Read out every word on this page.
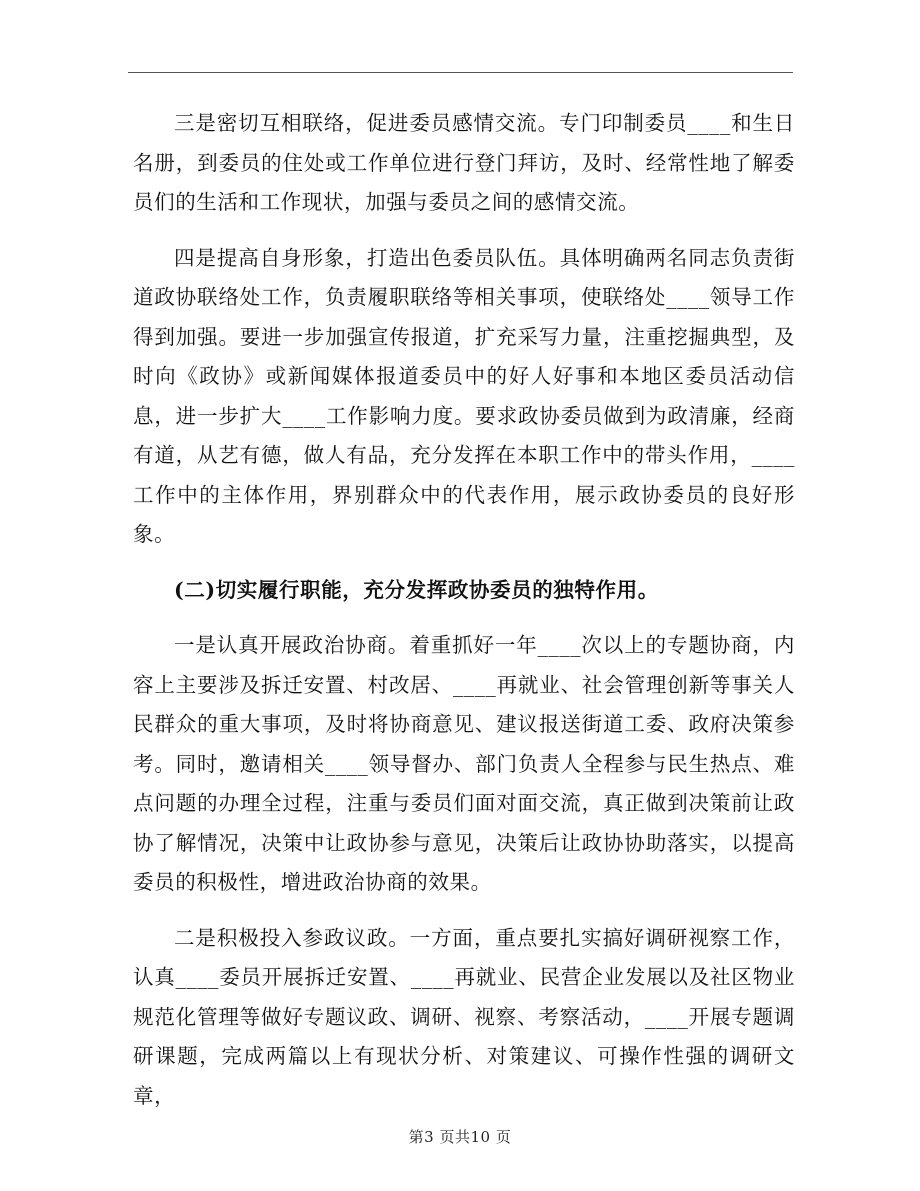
三是密切互相联络，促进委员感情交流。专门印制委员____和生日名册，到委员的住处或工作单位进行登门拜访，及时、经常性地了解委员们的生活和工作现状，加强与委员之间的感情交流。

四是提高自身形象，打造出色委员队伍。具体明确两名同志负责街道政协联络处工作，负责履职联络等相关事项，使联络处____领导工作得到加强。要进一步加强宣传报道，扩充采写力量，注重挖掘典型，及时向《政协》或新闻媒体报道委员中的好人好事和本地区委员活动信息，进一步扩大____工作影响力度。要求政协委员做到为政清廉，经商有道，从艺有德，做人有品，充分发挥在本职工作中的带头作用，____工作中的主体作用，界别群众中的代表作用，展示政协委员的良好形象。

(二)切实履行职能，充分发挥政协委员的独特作用。

一是认真开展政治协商。着重抓好一年____次以上的专题协商，内容上主要涉及拆迁安置、村改居、____再就业、社会管理创新等事关人民群众的重大事项，及时将协商意见、建议报送街道工委、政府决策参考。同时，邀请相关____领导督办、部门负责人全程参与民生热点、难点问题的办理全过程，注重与委员们面对面交流，真正做到决策前让政协了解情况，决策中让政协参与意见，决策后让政协协助落实，以提高委员的积极性，增进政治协商的效果。

二是积极投入参政议政。一方面，重点要扎实搞好调研视察工作，认真____委员开展拆迁安置、____再就业、民营企业发展以及社区物业规范化管理等做好专题议政、调研、视察、考察活动，____开展专题调研课题，完成两篇以上有现状分析、对策建议、可操作性强的调研文章，

第3 页共10 页
